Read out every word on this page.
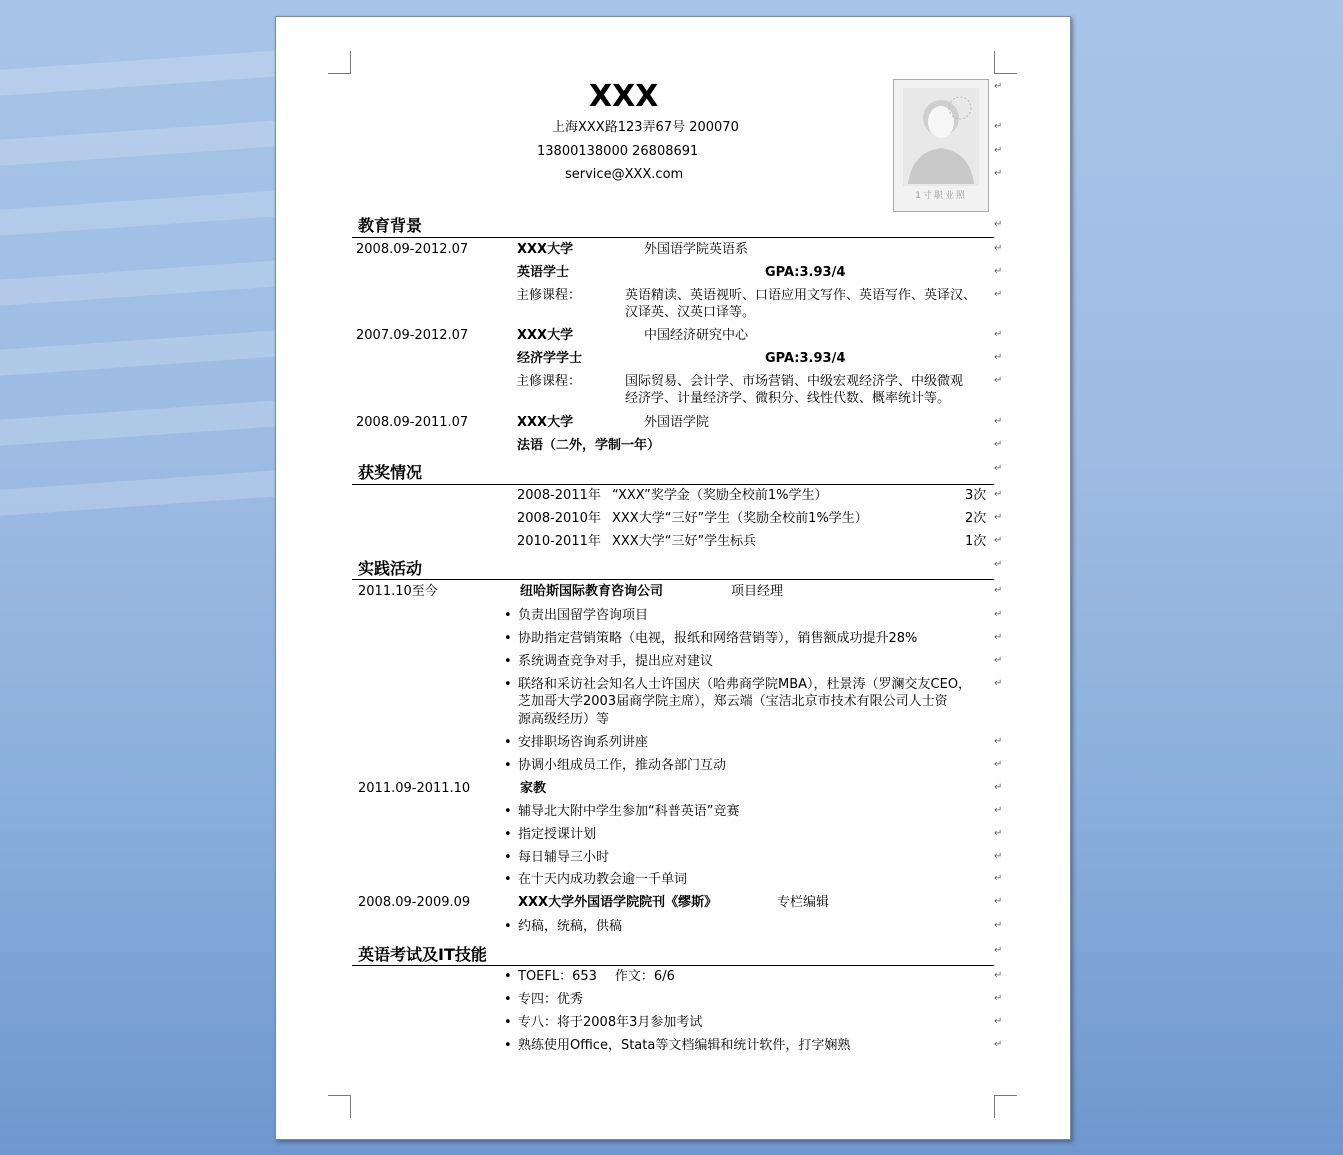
XXX
上海XXX路123弄67号 200070
13800138000 26808691
service@XXX.com
1寸职业照
教育背景
2008.09-2012.07	XXX大学	外国语学院英语系
英语学士	GPA:3.93/4
主修课程：	英语精读、英语视听、口语应用文写作、英语写作、英译汉、
汉译英、汉英口译等。
2007.09-2012.07	XXX大学	中国经济研究中心
经济学学士	GPA:3.93/4
主修课程：	国际贸易、会计学、市场营销、中级宏观经济学、中级微观
经济学、计量经济学、微积分、线性代数、概率统计等。
2008.09-2011.07	XXX大学	外国语学院
法语（二外，学制一年）
获奖情况
2008-2011年 “XXX”奖学金（奖励全校前1%学生）	3次
2008-2010年 XXX大学“三好”学生（奖励全校前1%学生）	2次
2010-2011年 XXX大学“三好”学生标兵	1次
实践活动
2011.10至今	纽哈斯国际教育咨询公司	项目经理
• 负责出国留学咨询项目
• 协助指定营销策略（电视，报纸和网络营销等），销售额成功提升28%
• 系统调查竞争对手，提出应对建议
• 联络和采访社会知名人士许国庆（哈弗商学院MBA），杜景涛（罗澜交友CEO，
芝加哥大学2003届商学院主席），郑云端（宝洁北京市技术有限公司人士资
源高级经历）等
• 安排职场咨询系列讲座
• 协调小组成员工作，推动各部门互动
2011.09-2011.10	家教
• 辅导北大附中学生参加“科普英语”竞赛
• 指定授课计划
• 每日辅导三小时
• 在十天内成功教会逾一千单词
2008.09-2009.09	XXX大学外国语学院院刊《缪斯》	专栏编辑
• 约稿，统稿，供稿
英语考试及IT技能
• TOEFL：653 作文：6/6
• 专四：优秀
• 专八：将于2008年3月参加考试
• 熟练使用Office，Stata等文档编辑和统计软件，打字娴熟
↵
↵
↵
↵
↵
↵
↵
↵
↵
↵
↵
↵
↵
↵
↵
↵
↵
↵
↵
↵
↵
↵
↵
↵
↵
↵
↵
↵
↵
↵
↵
↵
↵
↵
↵
↵
↵
